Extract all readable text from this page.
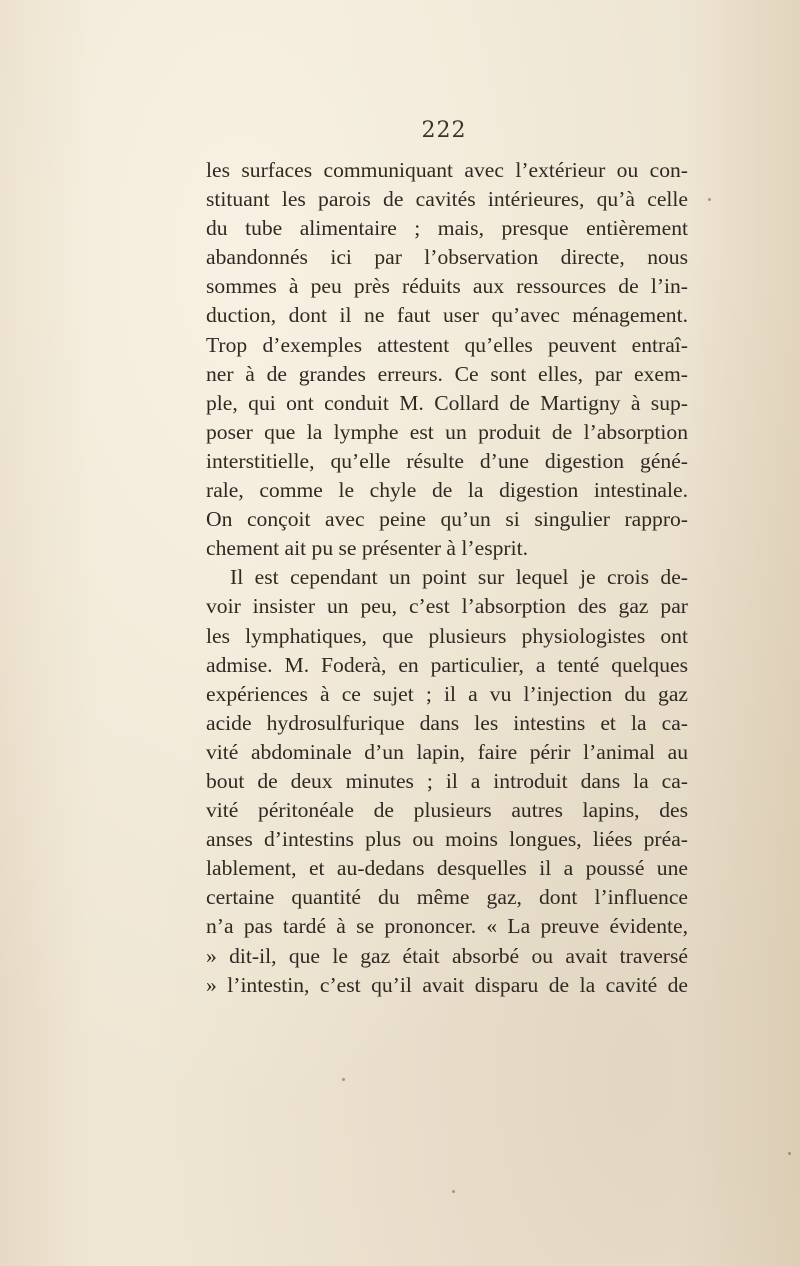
222
les surfaces communiquant avec l’extérieur ou con-
stituant les parois de cavités intérieures, qu’à celle
du tube alimentaire ; mais, presque entièrement
abandonnés ici par l’observation directe, nous
sommes à peu près réduits aux ressources de l’in-
duction, dont il ne faut user qu’avec ménagement.
Trop d’exemples attestent qu’elles peuvent entraî-
ner à de grandes erreurs. Ce sont elles, par exem-
ple, qui ont conduit M. Collard de Martigny à sup-
poser que la lymphe est un produit de l’absorption
interstitielle, qu’elle résulte d’une digestion géné-
rale, comme le chyle de la digestion intestinale.
On conçoit avec peine qu’un si singulier rappro-
chement ait pu se présenter à l’esprit.
Il est cependant un point sur lequel je crois de-
voir insister un peu, c’est l’absorption des gaz par
les lymphatiques, que plusieurs physiologistes ont
admise. M. Foderà, en particulier, a tenté quelques
expériences à ce sujet ; il a vu l’injection du gaz
acide hydrosulfurique dans les intestins et la ca-
vité abdominale d’un lapin, faire périr l’animal au
bout de deux minutes ; il a introduit dans la ca-
vité péritonéale de plusieurs autres lapins, des
anses d’intestins plus ou moins longues, liées préa-
lablement, et au-dedans desquelles il a poussé une
certaine quantité du même gaz, dont l’influence
n’a pas tardé à se prononcer. « La preuve évidente,
» dit-il, que le gaz était absorbé ou avait traversé
» l’intestin, c’est qu’il avait disparu de la cavité de
